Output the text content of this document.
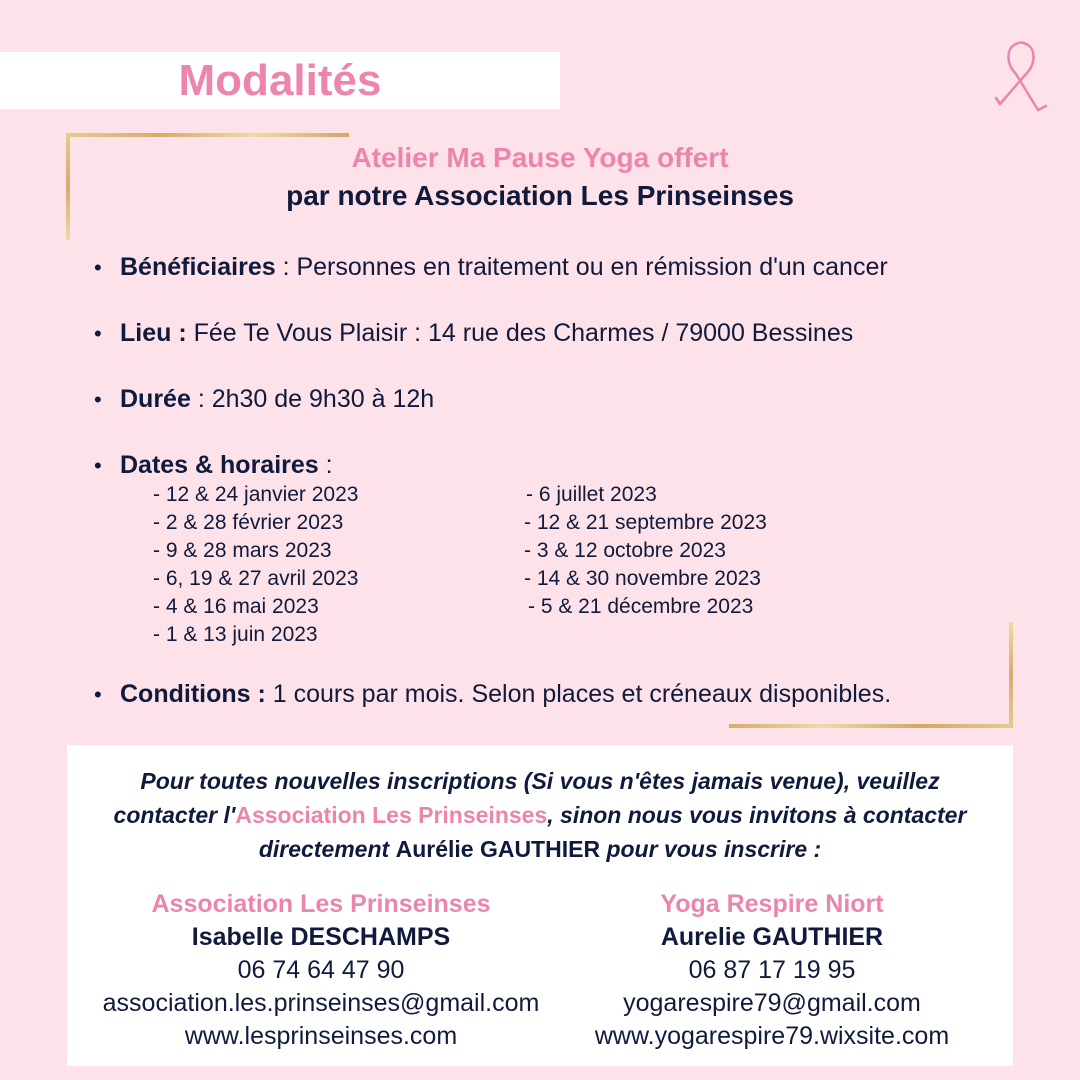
Modalités
Atelier Ma Pause Yoga offert
par notre Association Les Prinseinses
• Bénéficiaires : Personnes en traitement ou en rémission d'un cancer
• Lieu : Fée Te Vous Plaisir : 14 rue des Charmes / 79000 Bessines
• Durée : 2h30 de 9h30 à 12h
• Dates & horaires :
- 12 & 24 janvier 2023
- 2 & 28 février 2023
- 9 & 28 mars 2023
- 6, 19 & 27 avril 2023
- 4 & 16 mai 2023
- 1 & 13 juin 2023
- 6 juillet 2023
- 12 & 21 septembre 2023
- 3 & 12 octobre 2023
- 14 & 30 novembre 2023
- 5 & 21 décembre 2023
• Conditions : 1 cours par mois. Selon places et créneaux disponibles.
Pour toutes nouvelles inscriptions (Si vous n'êtes jamais venue), veuillez
contacter l'Association Les Prinseinses, sinon nous vous invitons à contacter
directement Aurélie GAUTHIER pour vous inscrire :
Association Les Prinseinses
Isabelle DESCHAMPS
06 74 64 47 90
association.les.prinseinses@gmail.com
www.lesprinseinses.com
Yoga Respire Niort
Aurelie GAUTHIER
06 87 17 19 95
yogarespire79@gmail.com
www.yogarespire79.wixsite.com
